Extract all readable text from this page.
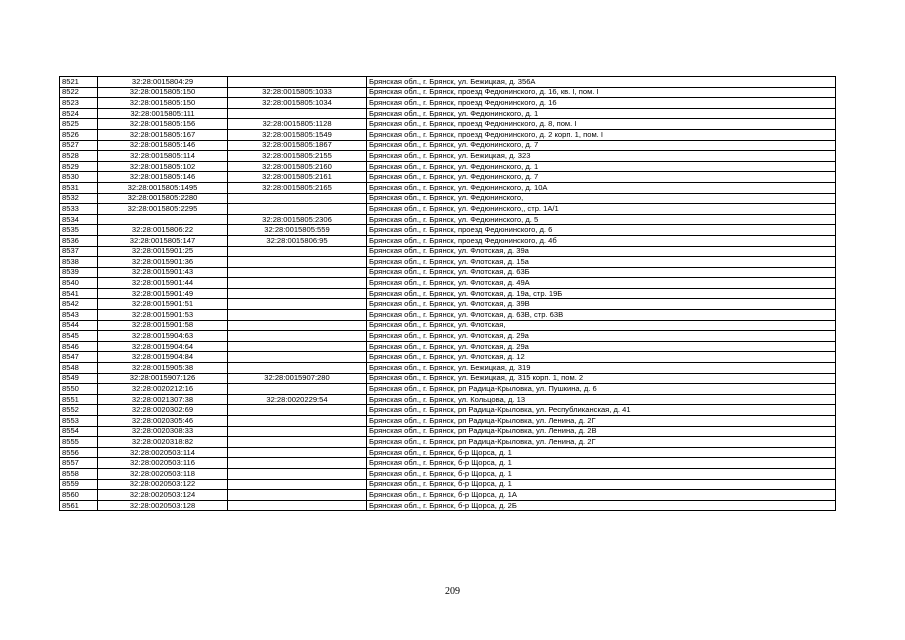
8521	32:28:0015804:29		Брянская обл., г. Брянск, ул. Бежицкая, д. 356А
8522	32:28:0015805:150	32:28:0015805:1033	Брянская обл., г. Брянск, проезд Федюнинского, д. 16, кв. I, пом. I
8523	32:28:0015805:150	32:28:0015805:1034	Брянская обл., г. Брянск, проезд Федюнинского, д. 16
8524	32:28:0015805:111		Брянская обл., г. Брянск, ул. Федюнинского, д. 1
8525	32:28:0015805:156	32:28:0015805:1128	Брянская обл., г. Брянск, проезд Федюнинского, д. 8, пом. I
8526	32:28:0015805:167	32:28:0015805:1549	Брянская обл., г. Брянск, проезд Федюнинского, д. 2 корп. 1, пом. I
8527	32:28:0015805:146	32:28:0015805:1867	Брянская обл., г. Брянск, ул. Федюнинского, д. 7
8528	32:28:0015805:114	32:28:0015805:2155	Брянская обл., г. Брянск, ул. Бежицкая, д. 323
8529	32:28:0015805:102	32:28:0015805:2160	Брянская обл., г. Брянск, ул. Федюнинского, д. 1
8530	32:28:0015805:146	32:28:0015805:2161	Брянская обл., г. Брянск, ул. Федюнинского, д. 7
8531	32:28:0015805:1495	32:28:0015805:2165	Брянская обл., г. Брянск, ул. Федюнинского, д. 10А
8532	32:28:0015805:2280		Брянская обл., г. Брянск, ул. Федюнинского,
8533	32:28:0015805:2295		Брянская обл., г. Брянск, ул. Федюнинского,, стр. 1А/1
8534		32:28:0015805:2306	Брянская обл., г. Брянск, ул. Федюнинского, д. 5
8535	32:28:0015806:22	32:28:0015805:559	Брянская обл., г. Брянск, проезд Федюнинского, д. 6
8536	32:28:0015805:147	32:28:0015806:95	Брянская обл., г. Брянск, проезд Федюнинского, д. 4б
8537	32:28:0015901:25		Брянская обл., г. Брянск, ул. Флотская, д. 39а
8538	32:28:0015901:36		Брянская обл., г. Брянск, ул. Флотская, д. 15а
8539	32:28:0015901:43		Брянская обл., г. Брянск, ул. Флотская, д. 63Б
8540	32:28:0015901:44		Брянская обл., г. Брянск, ул. Флотская, д. 49А
8541	32:28:0015901:49		Брянская обл., г. Брянск, ул. Флотская, д. 19а, стр. 19Б
8542	32:28:0015901:51		Брянская обл., г. Брянск, ул. Флотская, д. 39В
8543	32:28:0015901:53		Брянская обл., г. Брянск, ул. Флотская, д. 63В, стр. 63В
8544	32:28:0015901:58		Брянская обл., г. Брянск, ул. Флотская,
8545	32:28:0015904:63		Брянская обл., г. Брянск, ул. Флотская, д. 29а
8546	32:28:0015904:64		Брянская обл., г. Брянск, ул. Флотская, д. 29а
8547	32:28:0015904:84		Брянская обл., г. Брянск, ул. Флотская, д. 12
8548	32:28:0015905:38		Брянская обл., г. Брянск, ул. Бежицкая, д. 319
8549	32:28:0015907:126	32:28:0015907:280	Брянская обл., г. Брянск, ул. Бежицкая, д. 315 корп. 1, пом. 2
8550	32:28:0020212:16		Брянская обл., г. Брянск, рп Радица-Крыловка, ул. Пушкина, д. 6
8551	32:28:0021307:38	32:28:0020229:54	Брянская обл., г. Брянск, ул. Кольцова, д. 13
8552	32:28:0020302:69		Брянская обл., г. Брянск, рп Радица-Крыловка, ул. Республиканская, д. 41
8553	32:28:0020305:46		Брянская обл., г. Брянск, рп Радица-Крыловка, ул. Ленина, д. 2Г
8554	32:28:0020308:33		Брянская обл., г. Брянск, рп Радица-Крыловка, ул. Ленина, д. 2В
8555	32:28:0020318:82		Брянская обл., г. Брянск, рп Радица-Крыловка, ул. Ленина, д. 2Г
8556	32:28:0020503:114		Брянская обл., г. Брянск, б-р Щорса, д. 1
8557	32:28:0020503:116		Брянская обл., г. Брянск, б-р Щорса, д. 1
8558	32:28:0020503:118		Брянская обл., г. Брянск, б-р Щорса, д. 1
8559	32:28:0020503:122		Брянская обл., г. Брянск, б-р Щорса, д. 1
8560	32:28:0020503:124		Брянская обл., г. Брянск, б-р Щорса, д. 1А
8561	32:28:0020503:128		Брянская обл., г. Брянск, б-р Щорса, д. 2Б
209
